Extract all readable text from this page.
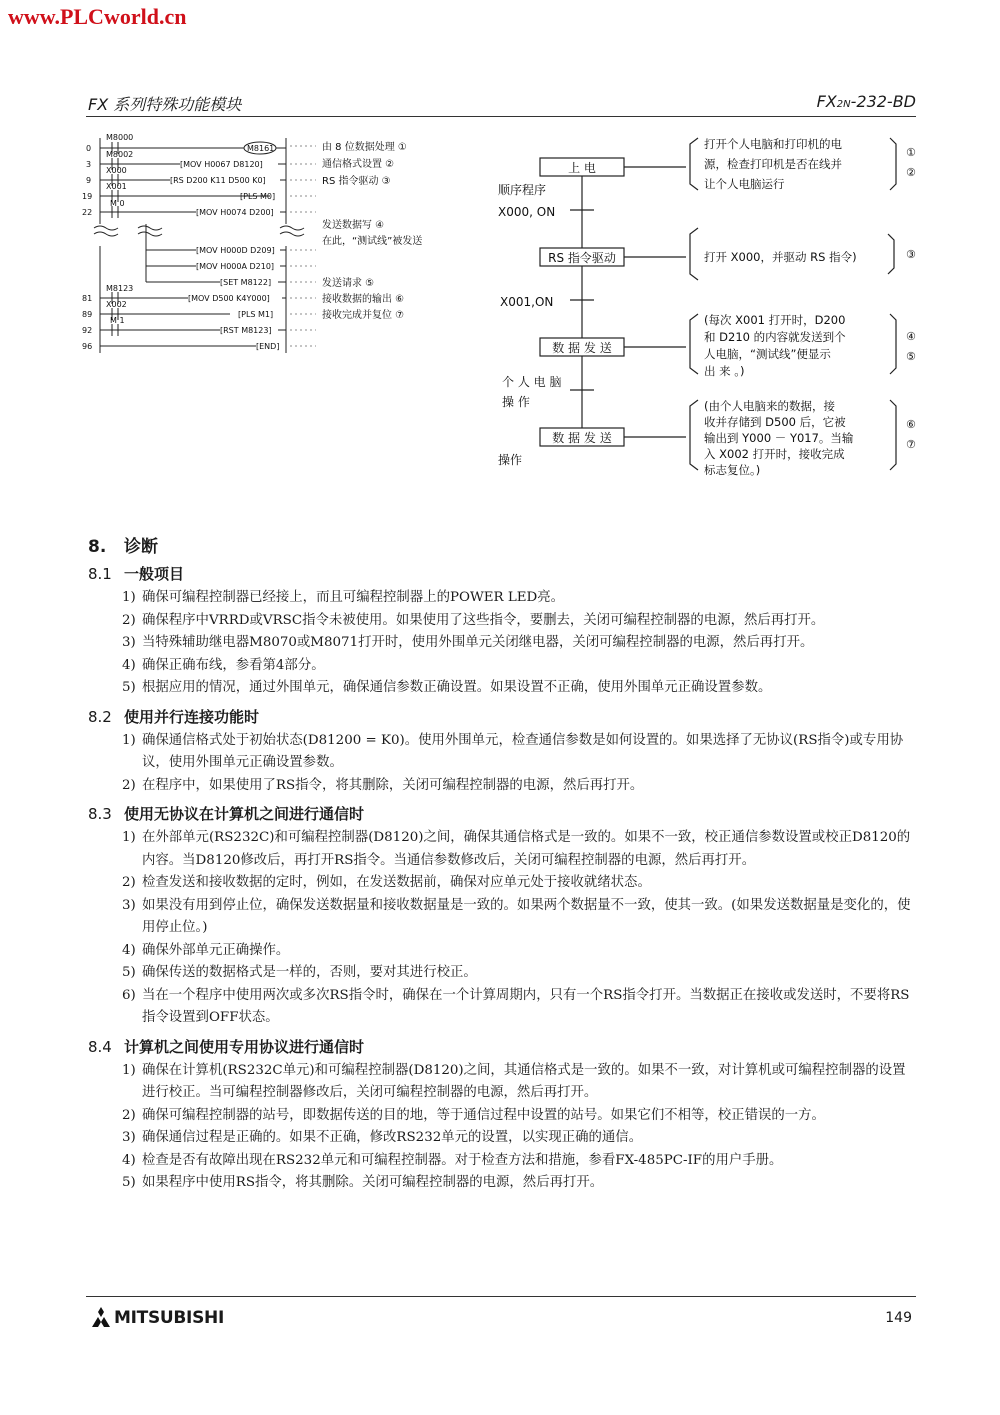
www.PLCworld.cn
FX 系列特殊功能模块	FX2N-232-BD
0
3
9
19
22
81
89
92
96
M8000
M8002
X000
X001
M 0
M8123
X002
M 1
M8161
[MOV H0067 D8120]
[RS D200 K11 D500 K0]
[PLS M0]
[MOV H0074 D200]
[MOV H000D D209]
[MOV H000A D210]
[SET M8122]
[MOV D500 K4Y000]
[PLS M1]
[RST M8123]
[END]
由 8 位数据处理 ①
通信格式设置 ②
RS 指令驱动 ③
发送数据写 ④
在此，“测试线”被发送
发送请求 ⑤
接收数据的输出 ⑥
接收完成并复位 ⑦
上 电
RS 指令驱动
数 据 发 送
数 据 发 送
顺序程序
X000, ON
X001,ON
个 人 电 脑
操 作
操作
打开个人电脑和打印机的电
源，检查打印机是否在线并
让个人电脑运行
打开 X000，并驱动 RS 指令)
(每次 X001 打开时，D200
和 D210 的内容就发送到个
人电脑，“测试线”便显示
出 来 。)
(由个人电脑来的数据，接
收并存储到 D500 后，它被
输出到 Y000 － Y017。当输
入 X002 打开时，接收完成
标志复位。)
①
②
③
④
⑤
⑥
⑦
8. 诊断
8.1 一般项目
1) 确保可编程控制器已经接上，而且可编程控制器上的POWER LED亮。
2) 确保程序中VRRD或VRSC指令未被使用。如果使用了这些指令，要删去，关闭可编程控制器的电源，然后再打开。
3) 当特殊辅助继电器M8070或M8071打开时，使用外围单元关闭继电器，关闭可编程控制器的电源，然后再打开。
4) 确保正确布线，参看第4部分。
5) 根据应用的情况，通过外围单元，确保通信参数正确设置。如果设置不正确，使用外围单元正确设置参数。
8.2 使用并行连接功能时
1) 确保通信格式处于初始状态(D81200 = K0)。使用外围单元，检查通信参数是如何设置的。如果选择了无协议(RS指令)或专用协议，使用外围单元正确设置参数。
2) 在程序中，如果使用了RS指令，将其删除，关闭可编程控制器的电源，然后再打开。
8.3 使用无协议在计算机之间进行通信时
1) 在外部单元(RS232C)和可编程控制器(D8120)之间，确保其通信格式是一致的。如果不一致，校正通信参数设置或校正D8120的内容。当D8120修改后，再打开RS指令。当通信参数修改后，关闭可编程控制器的电源，然后再打开。
2) 检查发送和接收数据的定时，例如，在发送数据前，确保对应单元处于接收就绪状态。
3) 如果没有用到停止位，确保发送数据量和接收数据量是一致的。如果两个数据量不一致，使其一致。(如果发送数据量是变化的，使用停止位。)
4) 确保外部单元正确操作。
5) 确保传送的数据格式是一样的，否则，要对其进行校正。
6) 当在一个程序中使用两次或多次RS指令时，确保在一个计算周期内，只有一个RS指令打开。当数据正在接收或发送时，不要将RS指令设置到OFF状态。
8.4 计算机之间使用专用协议进行通信时
1) 确保在计算机(RS232C单元)和可编程控制器(D8120)之间，其通信格式是一致的。如果不一致，对计算机或可编程控制器的设置进行校正。当可编程控制器修改后，关闭可编程控制器的电源，然后再打开。
2) 确保可编程控制器的站号，即数据传送的目的地，等于通信过程中设置的站号。如果它们不相等，校正错误的一方。
3) 确保通信过程是正确的。如果不正确，修改RS232单元的设置，以实现正确的通信。
4) 检查是否有故障出现在RS232单元和可编程控制器。对于检查方法和措施，参看FX-485PC-IF的用户手册。
5) 如果程序中使用RS指令，将其删除。关闭可编程控制器的电源，然后再打开。
MITSUBISHI	149
